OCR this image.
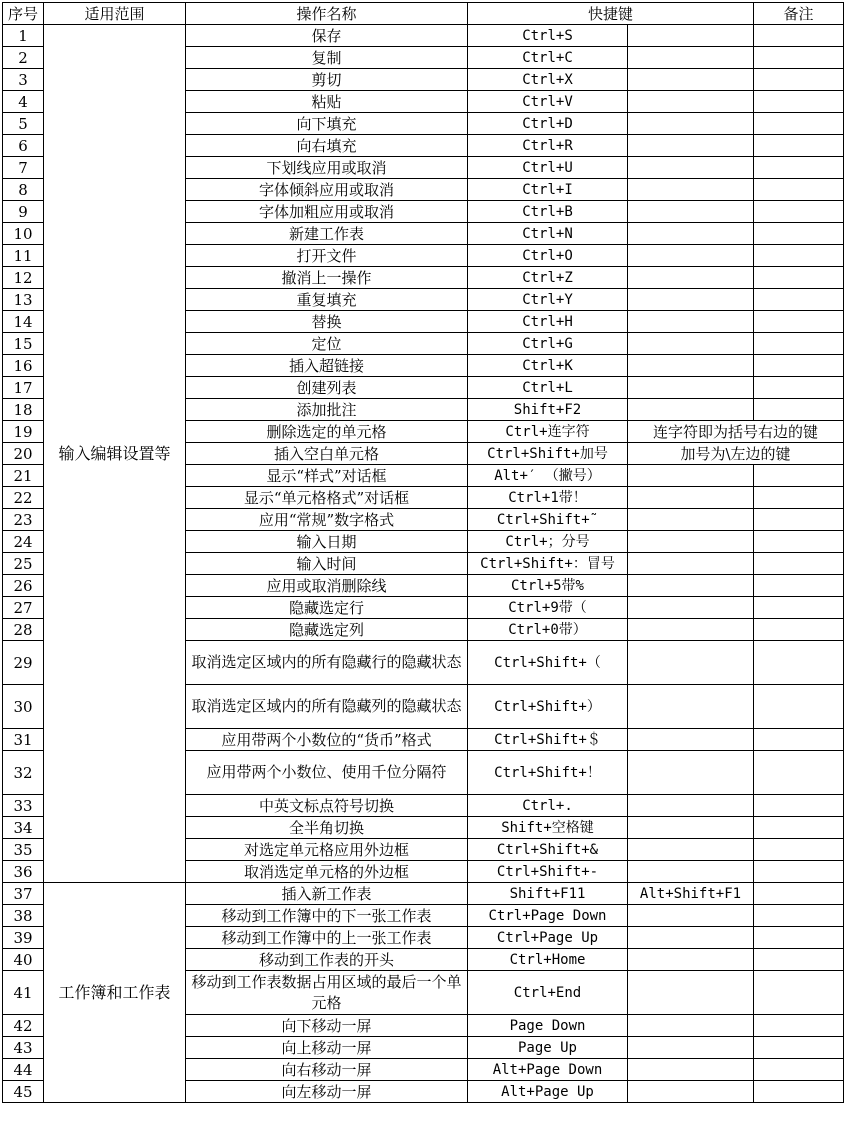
序号	适用范围	操作名称	快捷键		备注
1	输入编辑设置等	保存	Ctrl+S		
2		复制	Ctrl+C		
3		剪切	Ctrl+X		
4		粘贴	Ctrl+V		
5		向下填充	Ctrl+D		
6		向右填充	Ctrl+R		
7		下划线应用或取消	Ctrl+U		
8		字体倾斜应用或取消	Ctrl+I		
9		字体加粗应用或取消	Ctrl+B		
10		新建工作表	Ctrl+N		
11		打开文件	Ctrl+O		
12		撤消上一操作	Ctrl+Z		
13		重复填充	Ctrl+Y		
14		替换	Ctrl+H		
15		定位	Ctrl+G		
16		插入超链接	Ctrl+K		
17		创建列表	Ctrl+L		
18		添加批注	Shift+F2		
19		删除选定的单元格	Ctrl+连字符	连字符即为括号右边的键	
20		插入空白单元格	Ctrl+Shift+加号	加号为\左边的键	
21		显示“样式”对话框	Alt+′ （撇号）		
22		显示“单元格格式”对话框	Ctrl+1带！		
23		应用“常规”数字格式	Ctrl+Shift+˜		
24		输入日期	Ctrl+；分号		
25		输入时间	Ctrl+Shift+：冒号		
26		应用或取消删除线	Ctrl+5带%		
27		隐藏选定行	Ctrl+9带（		
28		隐藏选定列	Ctrl+0带）		
29		取消选定区域内的所有隐藏行的隐藏状态	Ctrl+Shift+（		
30		取消选定区域内的所有隐藏列的隐藏状态	Ctrl+Shift+）		
31		应用带两个小数位的“货币”格式	Ctrl+Shift+＄		
32		应用带两个小数位、使用千位分隔符	Ctrl+Shift+！		
33		中英文标点符号切换	Ctrl+.		
34		全半角切换	Shift+空格键		
35		对选定单元格应用外边框	Ctrl+Shift+&		
36		取消选定单元格的外边框	Ctrl+Shift+-		
37	工作簿和工作表	插入新工作表	Shift+F11	Alt+Shift+F1	
38		移动到工作簿中的下一张工作表	Ctrl+Page Down		
39		移动到工作簿中的上一张工作表	Ctrl+Page Up		
40		移动到工作表的开头	Ctrl+Home		
41		移动到工作表数据占用区域的最后一个单元格	Ctrl+End		
42		向下移动一屏	Page Down		
43		向上移动一屏	Page Up		
44		向右移动一屏	Alt+Page Down		
45		向左移动一屏	Alt+Page Up		
